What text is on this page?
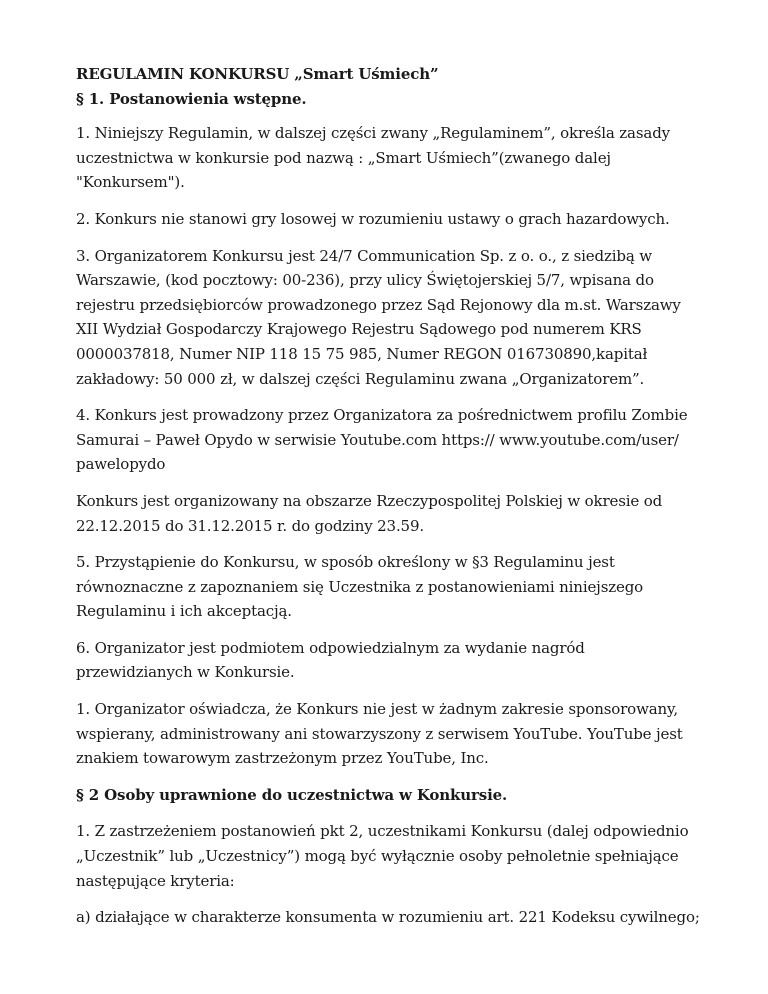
REGULAMIN KONKURSU „Smart Uśmiech”
§ 1. Postanowienia wstępne.
1. Niniejszy Regulamin, w dalszej części zwany „Regulaminem”, określa zasady
uczestnictwa w konkursie pod nazwą : „Smart Uśmiech”(zwanego dalej
"Konkursem").
2. Konkurs nie stanowi gry losowej w rozumieniu ustawy o grach hazardowych.
3. Organizatorem Konkursu jest 24/7 Communication Sp. z o. o., z siedzibą w
Warszawie, (kod pocztowy: 00-236), przy ulicy Świętojerskiej 5/7, wpisana do
rejestru przedsiębiorców prowadzonego przez Sąd Rejonowy dla m.st. Warszawy
XII Wydział Gospodarczy Krajowego Rejestru Sądowego pod numerem KRS
0000037818, Numer NIP 118 15 75 985, Numer REGON 016730890,kapitał
zakładowy: 50 000 zł, w dalszej części Regulaminu zwana „Organizatorem”.
4. Konkurs jest prowadzony przez Organizatora za pośrednictwem profilu Zombie
Samurai – Paweł Opydo w serwisie Youtube.com https:// www.youtube.com/user/
pawelopydo
Konkurs jest organizowany na obszarze Rzeczypospolitej Polskiej w okresie od
22.12.2015 do 31.12.2015 r. do godziny 23.59.
5. Przystąpienie do Konkursu, w sposób określony w §3 Regulaminu jest
równoznaczne z zapoznaniem się Uczestnika z postanowieniami niniejszego
Regulaminu i ich akceptacją.
6. Organizator jest podmiotem odpowiedzialnym za wydanie nagród
przewidzianych w Konkursie.
1. Organizator oświadcza, że Konkurs nie jest w żadnym zakresie sponsorowany,
wspierany, administrowany ani stowarzyszony z serwisem YouTube. YouTube jest
znakiem towarowym zastrzeżonym przez YouTube, Inc.
§ 2 Osoby uprawnione do uczestnictwa w Konkursie.
1. Z zastrzeżeniem postanowień pkt 2, uczestnikami Konkursu (dalej odpowiednio
„Uczestnik” lub „Uczestnicy”) mogą być wyłącznie osoby pełnoletnie spełniające
następujące kryteria:
a) działające w charakterze konsumenta w rozumieniu art. 221 Kodeksu cywilnego;
